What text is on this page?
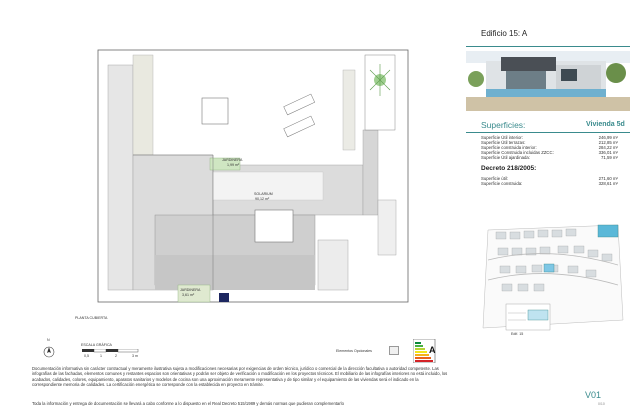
JARDINERA
1,99 m²
SOLARIUM
90,12 m²
JARDINERA
3,61 m²
PLANTA CUBIERTA
N
ESCALA GRÁFICA
0,5	1	2	3 m
Elementos Opcionales	A
Edificio 15: A
Superficies:	Vivienda 5d
Superficie Útil interior:	246,99 m²
Superficie Útil terrazas:	212,85 m²
Superficie construida interior:	284,22 m²
Superficie Construida incluidas ZZCC:	336,01 m²
Superficie Útil ajardinada:	71,59 m²
Decreto 218/2005:
Superficie útil:	271,60 m²
Superficie construida:	328,61 m²
Edif. 15
Documentación informativa sin carácter contractual y meramente ilustrativa sujeta a modificaciones necesarias por exigencias de orden técnico, jurídico o comercial de la dirección facultativa o autoridad competente. Las infografías de las fachadas, elementos comunes y restantes espacios son orientativas y podrán ser objeto de verificación o modificación en los proyectos técnicos. El mobiliario de las infografías interiores no está incluido, los acabados, calidades, colores, equipamiento, aparatos sanitarios y modelos de cocina son una aproximación meramente representativa y de tipo similar y el equipamiento de las viviendas será el indicado en la correspondiente memoria de calidades. La certificación energética se corresponde con la establecida en proyecto en trámite.
Toda la información y entrega de documentación se llevará a cabo conforme a lo dispuesto en el Real Decreto 515/1989 y demás normas que pudieran complementarlo
V01
0/10
